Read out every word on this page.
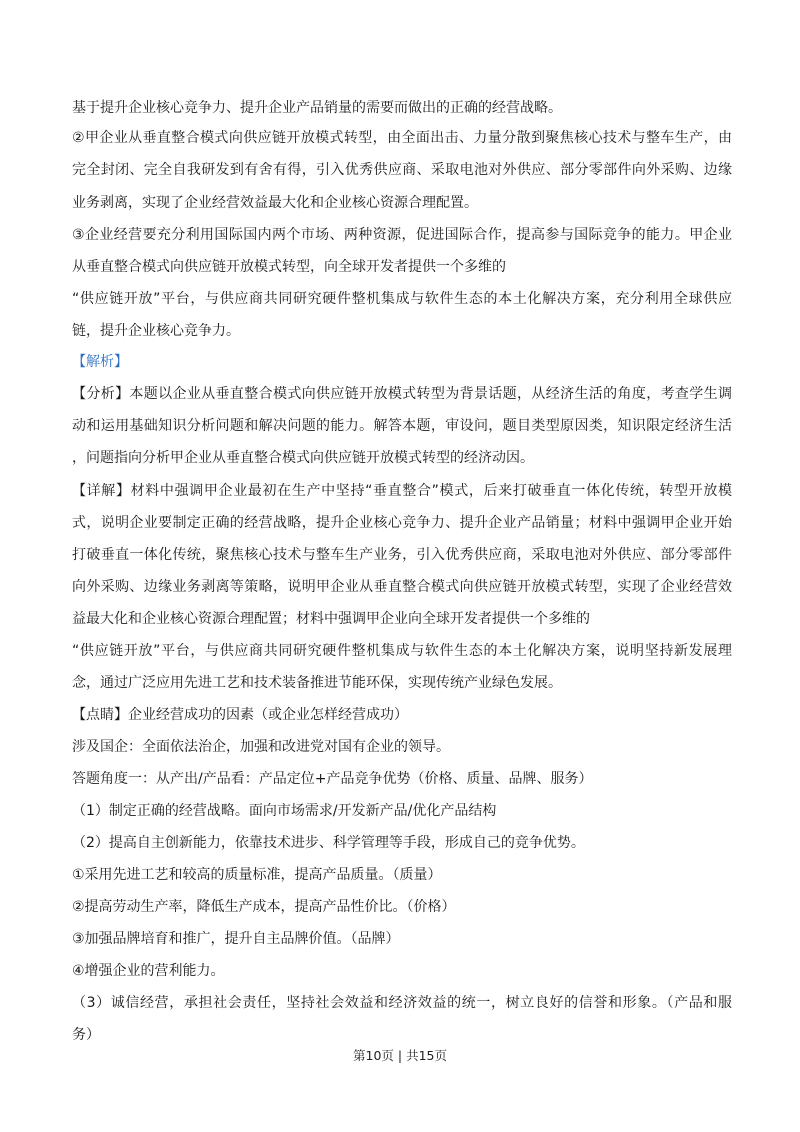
基于提升企业核心竞争力、提升企业产品销量的需要而做出的正确的经营战略。
②甲企业从垂直整合模式向供应链开放模式转型，由全面出击、力量分散到聚焦核心技术与整车生产，由
完全封闭、完全自我研发到有舍有得，引入优秀供应商、采取电池对外供应、部分零部件向外采购、边缘
业务剥离，实现了企业经营效益最大化和企业核心资源合理配置。
③企业经营要充分利用国际国内两个市场、两种资源，促进国际合作，提高参与国际竞争的能力。甲企业
从垂直整合模式向供应链开放模式转型，向全球开发者提供一个多维的
“供应链开放”平台，与供应商共同研究硬件整机集成与软件生态的本土化解决方案，充分利用全球供应
链，提升企业核心竞争力。
【解析】
【分析】本题以企业从垂直整合模式向供应链开放模式转型为背景话题，从经济生活的角度，考查学生调
动和运用基础知识分析问题和解决问题的能力。解答本题，审设问，题目类型原因类，知识限定经济生活
，问题指向分析甲企业从垂直整合模式向供应链开放模式转型的经济动因。
【详解】材料中强调甲企业最初在生产中坚持“垂直整合”模式，后来打破垂直一体化传统，转型开放模
式，说明企业要制定正确的经营战略，提升企业核心竞争力、提升企业产品销量；材料中强调甲企业开始
打破垂直一体化传统，聚焦核心技术与整车生产业务，引入优秀供应商，采取电池对外供应、部分零部件
向外采购、边缘业务剥离等策略，说明甲企业从垂直整合模式向供应链开放模式转型，实现了企业经营效
益最大化和企业核心资源合理配置；材料中强调甲企业向全球开发者提供一个多维的
“供应链开放”平台，与供应商共同研究硬件整机集成与软件生态的本土化解决方案，说明坚持新发展理
念，通过广泛应用先进工艺和技术装备推进节能环保，实现传统产业绿色发展。
【点睛】企业经营成功的因素（或企业怎样经营成功）
涉及国企：全面依法治企，加强和改进党对国有企业的领导。
答题角度一：从产出/产品看：产品定位+产品竞争优势（价格、质量、品牌、服务）
（1）制定正确的经营战略。面向市场需求/开发新产品/优化产品结构
（2）提高自主创新能力，依靠技术进步、科学管理等手段，形成自己的竞争优势。
①采用先进工艺和较高的质量标准，提高产品质量。（质量）
②提高劳动生产率，降低生产成本，提高产品性价比。（价格）
③加强品牌培育和推广，提升自主品牌价值。（品牌）
④增强企业的营利能力。
（3）诚信经营，承担社会责任，坚持社会效益和经济效益的统一，树立良好的信誉和形象。（产品和服
务）
第10页 | 共15页
